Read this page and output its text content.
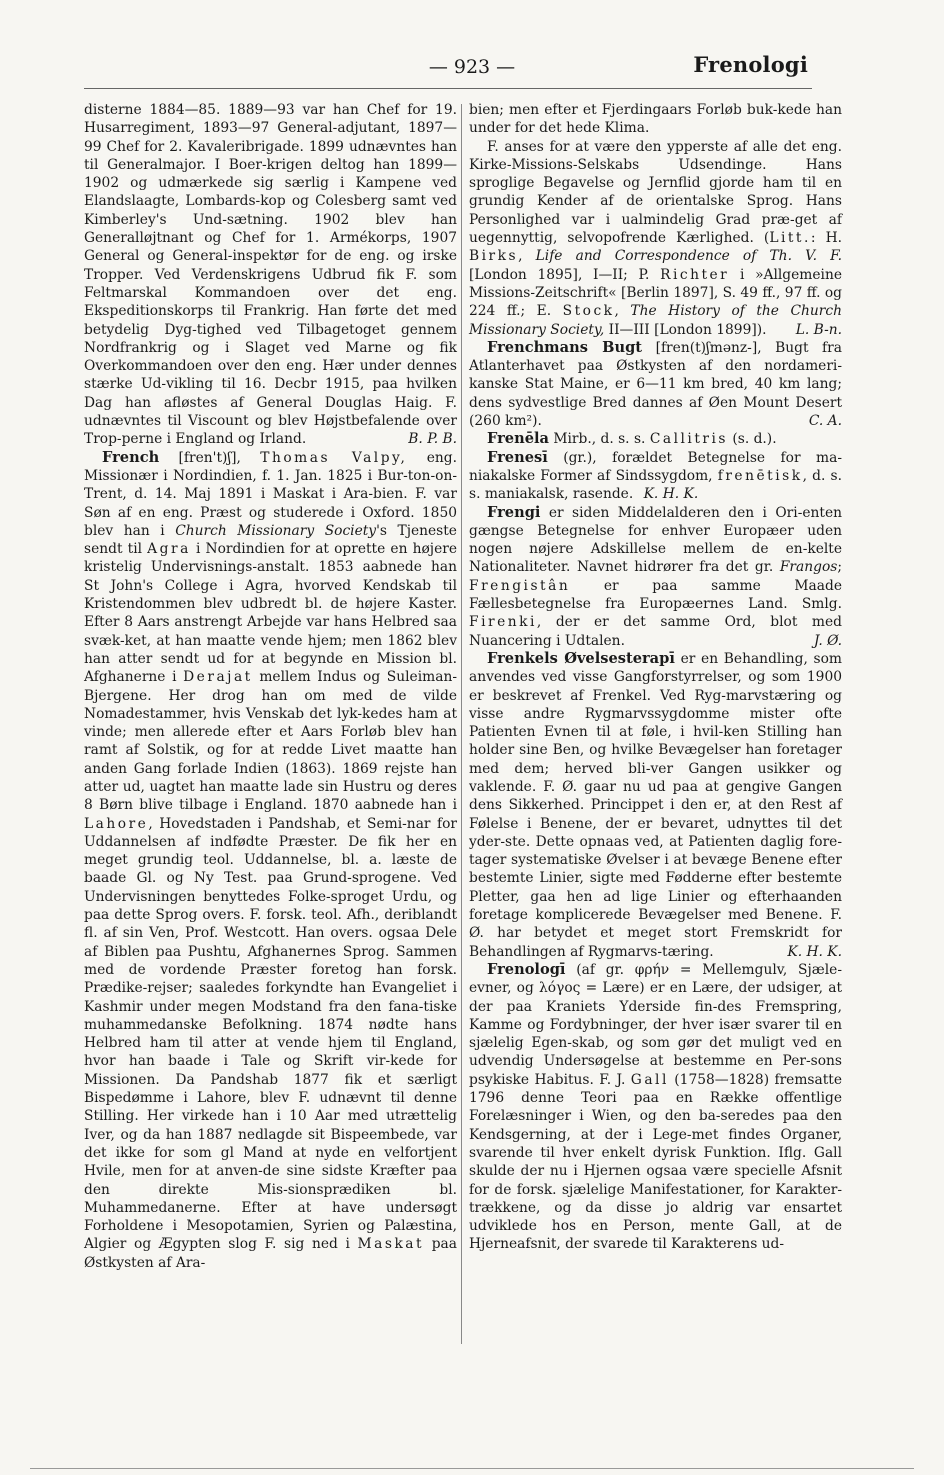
— 923 —	Frenologi

disterne 1884—85. 1889—93 var han Chef for 19. Husarregiment, 1893—97 General-adjutant, 1897—99 Chef for 2. Kavaleribrigade. 1899 udnævntes han til Generalmajor. I Boer-krigen deltog han 1899—1902 og udmærkede sig særlig i Kampene ved Elandslaagte, Lombards-kop og Colesberg samt ved Kimberley's Und-sætning. 1902 blev han Generalløjtnant og Chef for 1. Armékorps, 1907 General og General-inspektør for de eng. og irske Tropper. Ved Verdenskrigens Udbrud fik F. som Feltmarskal Kommandoen over det eng. Ekspeditionskorps til Frankrig. Han førte det med betydelig Dyg-tighed ved Tilbagetoget gennem Nordfrankrig og i Slaget ved Marne og fik Overkommandoen over den eng. Hær under dennes stærke Ud-vikling til 16. Decbr 1915, paa hvilken Dag han afløstes af General Douglas Haig. F. udnævntes til Viscount og blev Højstbefalende over Trop-perne i England og Irland.	B. P. B.

French [fren't)ʃ], Thomas Valpy, eng. Missionær i Nordindien, f. 1. Jan. 1825 i Bur-ton-on-Trent, d. 14. Maj 1891 i Maskat i Ara-bien. F. var Søn af en eng. Præst og studerede i Oxford. 1850 blev han i Church Missionary Society's Tjeneste sendt til Agra i Nordindien for at oprette en højere kristelig Undervisnings-anstalt. 1853 aabnede han St John's College i Agra, hvorved Kendskab til Kristendommen blev udbredt bl. de højere Kaster. Efter 8 Aars anstrengt Arbejde var hans Helbred saa svæk-ket, at han maatte vende hjem; men 1862 blev han atter sendt ud for at begynde en Mission bl. Afghanerne i Derajat mellem Indus og Suleiman-Bjergene. Her drog han om med de vilde Nomadestammer, hvis Venskab det lyk-kedes ham at vinde; men allerede efter et Aars Forløb blev han ramt af Solstik, og for at redde Livet maatte han anden Gang forlade Indien (1863). 1869 rejste han atter ud, uagtet han maatte lade sin Hustru og deres 8 Børn blive tilbage i England. 1870 aabnede han i Lahore, Hovedstaden i Pandshab, et Semi-nar for Uddannelsen af indfødte Præster. De fik her en meget grundig teol. Uddannelse, bl. a. læste de baade Gl. og Ny Test. paa Grund-sprogene. Ved Undervisningen benyttedes Folke-sproget Urdu, og paa dette Sprog overs. F. forsk. teol. Afh., deriblandt fl. af sin Ven, Prof. Westcott. Han overs. ogsaa Dele af Biblen paa Pushtu, Afghanernes Sprog. Sammen med de vordende Præster foretog han forsk. Prædike-rejser; saaledes forkyndte han Evangeliet i Kashmir under megen Modstand fra den fana-tiske muhammedanske Befolkning. 1874 nødte hans Helbred ham til atter at vende hjem til England, hvor han baade i Tale og Skrift vir-kede for Missionen. Da Pandshab 1877 fik et særligt Bispedømme i Lahore, blev F. udnævnt til denne Stilling. Her virkede han i 10 Aar med utrættelig Iver, og da han 1887 nedlagde sit Bispeembede, var det ikke for som gl Mand at nyde en velfortjent Hvile, men for at anven-de sine sidste Kræfter paa den direkte Mis-sionsprædiken bl. Muhammedanerne. Efter at have undersøgt Forholdene i Mesopotamien, Syrien og Palæstina, Algier og Ægypten slog F. sig ned i Maskat paa Østkysten af Ara-

bien; men efter et Fjerdingaars Forløb buk-kede han under for det hede Klima.

F. anses for at være den ypperste af alle det eng. Kirke-Missions-Selskabs Udsendinge. Hans sproglige Begavelse og Jernflid gjorde ham til en grundig Kender af de orientalske Sprog. Hans Personlighed var i ualmindelig Grad præ-get af uegennyttig, selvopofrende Kærlighed. (Litt.: H. Birks, Life and Correspondence of Th. V. F. [London 1895], I—II; P. Richter i »Allgemeine Missions-Zeitschrift« [Berlin 1897], S. 49 ff., 97 ff. og 224 ff.; E. Stock, The History of the Church Missionary Society, II—III [London 1899]).	L. B-n.

Frenchmans Bugt [fren(t)ʃmənz-], Bugt fra Atlanterhavet paa Østkysten af den nordameri-kanske Stat Maine, er 6—11 km bred, 40 km lang; dens sydvestlige Bred dannes af Øen Mount Desert (260 km²).	C. A.

Frenēla Mirb., d. s. s. Callitris (s. d.).

Frenesī (gr.), forældet Betegnelse for ma-niakalske Former af Sindssygdom, frenētisk, d. s. s. maniakalsk, rasende. K. H. K.

Frengi er siden Middelalderen den i Ori-enten gængse Betegnelse for enhver Europæer uden nogen nøjere Adskillelse mellem de en-kelte Nationaliteter. Navnet hidrører fra det gr. Frangos; Frengistân er paa samme Maade Fællesbetegnelse fra Europæernes Land. Smlg. Firenki, der er det samme Ord, blot med Nuancering i Udtalen.	J. Ø.

Frenkels Øvelsesterapī er en Behandling, som anvendes ved visse Gangforstyrrelser, og som 1900 er beskrevet af Frenkel. Ved Ryg-marvstæring og visse andre Rygmarvssygdomme mister ofte Patienten Evnen til at føle, i hvil-ken Stilling han holder sine Ben, og hvilke Bevægelser han foretager med dem; herved bli-ver Gangen usikker og vaklende. F. Ø. gaar nu ud paa at gengive Gangen dens Sikkerhed. Princippet i den er, at den Rest af Følelse i Benene, der er bevaret, udnyttes til det yder-ste. Dette opnaas ved, at Patienten daglig fore-tager systematiske Øvelser i at bevæge Benene efter bestemte Linier, sigte med Fødderne efter bestemte Pletter, gaa hen ad lige Linier og efterhaanden foretage komplicerede Bevægelser med Benene. F. Ø. har betydet et meget stort Fremskridt for Behandlingen af Rygmarvs-tæring.	K. H. K.

Frenologī (af gr. φρήν = Mellemgulv, Sjæle-evner, og λόγος = Lære) er en Lære, der udsiger, at der paa Kraniets Yderside fin-des Fremspring, Kamme og Fordybninger, der hver især svarer til en sjælelig Egen-skab, og som gør det muligt ved en udvendig Undersøgelse at bestemme en Per-sons psykiske Habitus. F. J. Gall (1758—1828) fremsatte 1796 denne Teori paa en Række offentlige Forelæsninger i Wien, og den ba-seredes paa den Kendsgerning, at der i Lege-met findes Organer, svarende til hver enkelt dyrisk Funktion. Iflg. Gall skulde der nu i Hjernen ogsaa være specielle Afsnit for de forsk. sjælelige Manifestationer, for Karakter-trækkene, og da disse jo aldrig var ensartet udviklede hos en Person, mente Gall, at de Hjerneafsnit, der svarede til Karakterens ud-
